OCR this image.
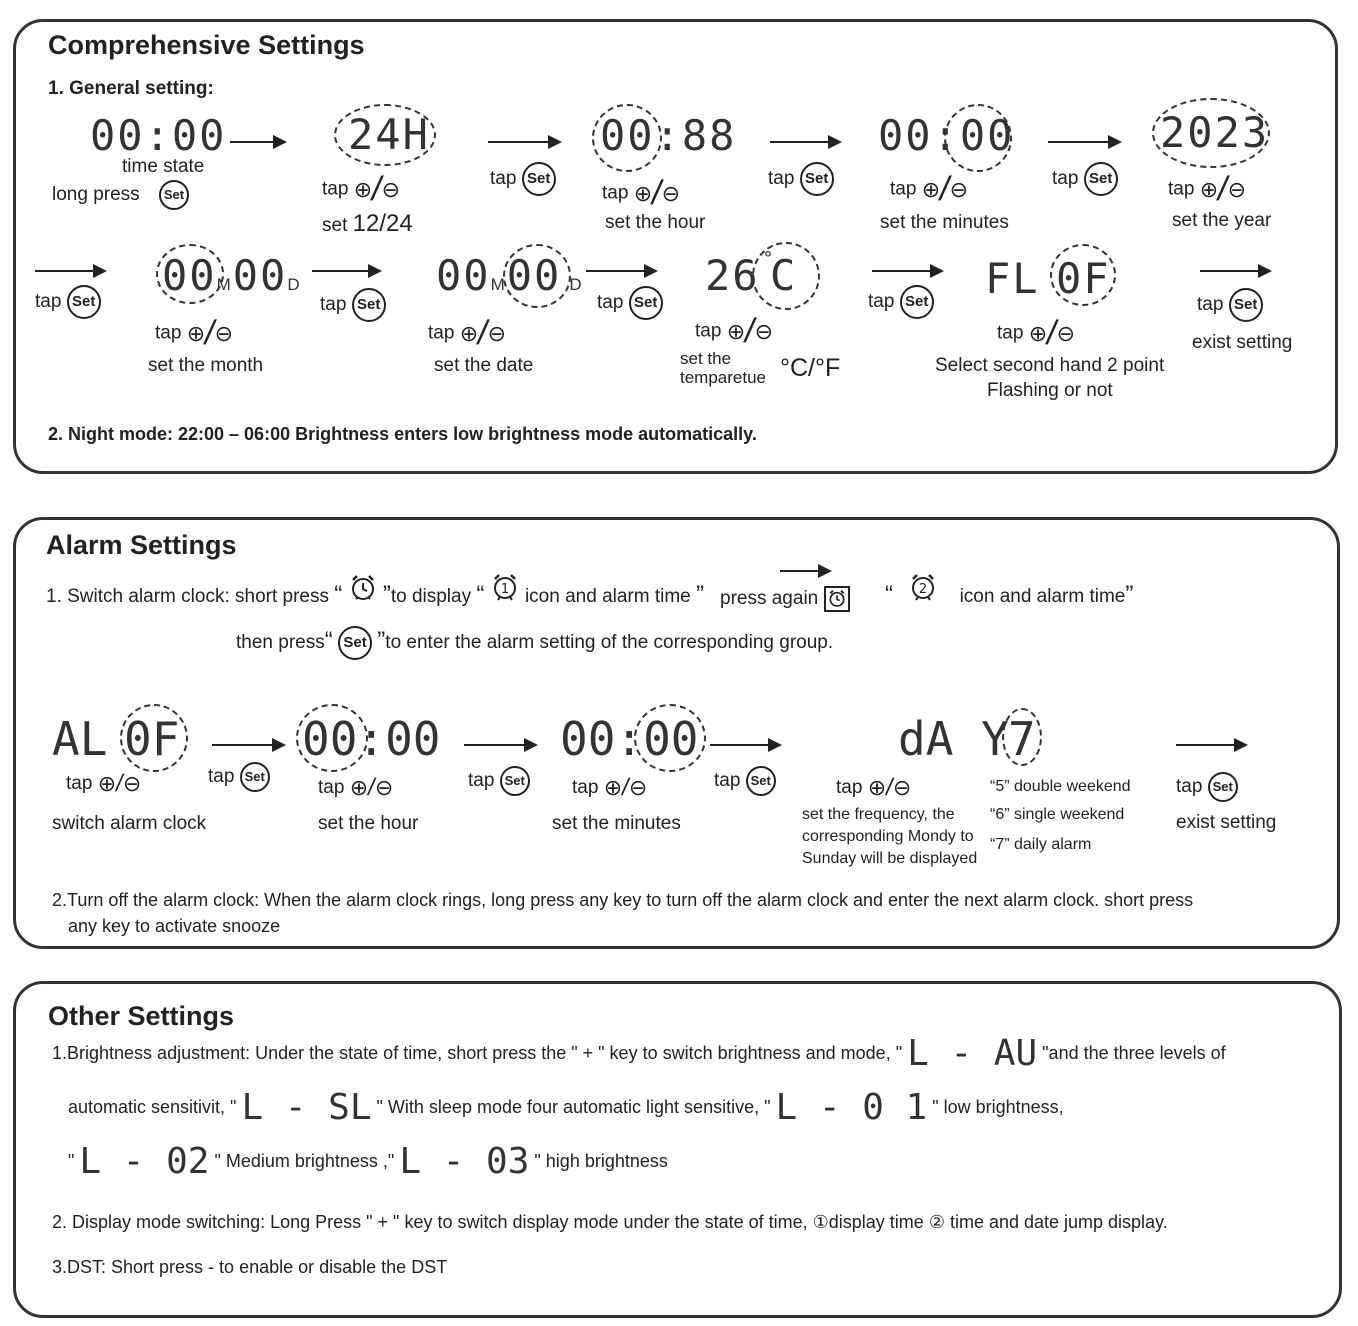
Comprehensive Settings
1. General setting:
00:00
time state
long press Set
24H
tap ⊕/⊖
set 12/24
tap Set
00:88
tap ⊕/⊖
set the hour
tap Set
00:00
tap ⊕/⊖
set the minutes
tap Set
2023
tap ⊕/⊖
set the year
tap Set
00M00D
tap ⊕/⊖
set the month
tap Set
00M00 D
tap Set
tap ⊕/⊖
set the date
26 °
C
tap ⊕/⊖
set the
temparetue °C/°F
tap Set FL 0F
tap ⊕/⊖
Select second hand 2 point
Flashing or not
tap Set
exist setting
2. Night mode: 22:00 – 06:00 Brightness enters low brightness mode automatically.
Alarm Settings
1. Switch alarm clock: short press “ ”to display “ 1 icon and alarm time ” press again	“ 2 icon and alarm time”
then press“ Set ”to enter the alarm setting of the corresponding group.
AL 0F
tap ⊕/⊖
switch alarm clock
tap Set
00:00
tap ⊕/⊖
set the hour
tap Set
00:00
tap ⊕/⊖
set the minutes
tap Set
dA Y 7
tap ⊕/⊖
set the frequency, the
corresponding Mondy to
Sunday will be displayed
“5” double weekend
“6” single weekend
“7” daily alarm
tap Set
exist setting
2.Turn off the alarm clock: When the alarm clock rings, long press any key to turn off the alarm clock and enter the next alarm clock. short press
any key to activate snooze
Other Settings
1.Brightness adjustment: Under the state of time, short press the " + " key to switch brightness and mode, " L - AU "and the three levels of
automatic sensitivit, " L - SL " With sleep mode four automatic light sensitive, " L - 0 1 " low brightness,
" L - 02 " Medium brightness ," L - 03 " high brightness
2. Display mode switching: Long Press " + " key to switch display mode under the state of time, ①display time ② time and date jump display.
3.DST: Short press - to enable or disable the DST
